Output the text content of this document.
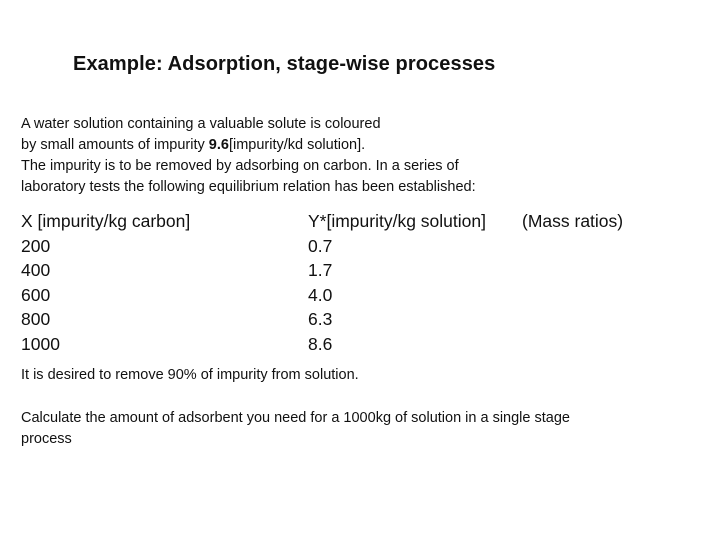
Example: Adsorption, stage-wise processes
A water solution containing a valuable solute is coloured
by small amounts of impurity 9.6[impurity/kd solution].
The impurity is to be removed by adsorbing on carbon. In a series of
laboratory tests the following equilibrium relation has been established:
X [impurity/kg carbon]
200
400
600
800
1000
Y*[impurity/kg solution]
0.7
1.7
4.0
6.3
8.6
(Mass ratios)
It is desired to remove 90% of impurity from solution.
Calculate the amount of adsorbent you need for a 1000kg of solution in a single stage
process
